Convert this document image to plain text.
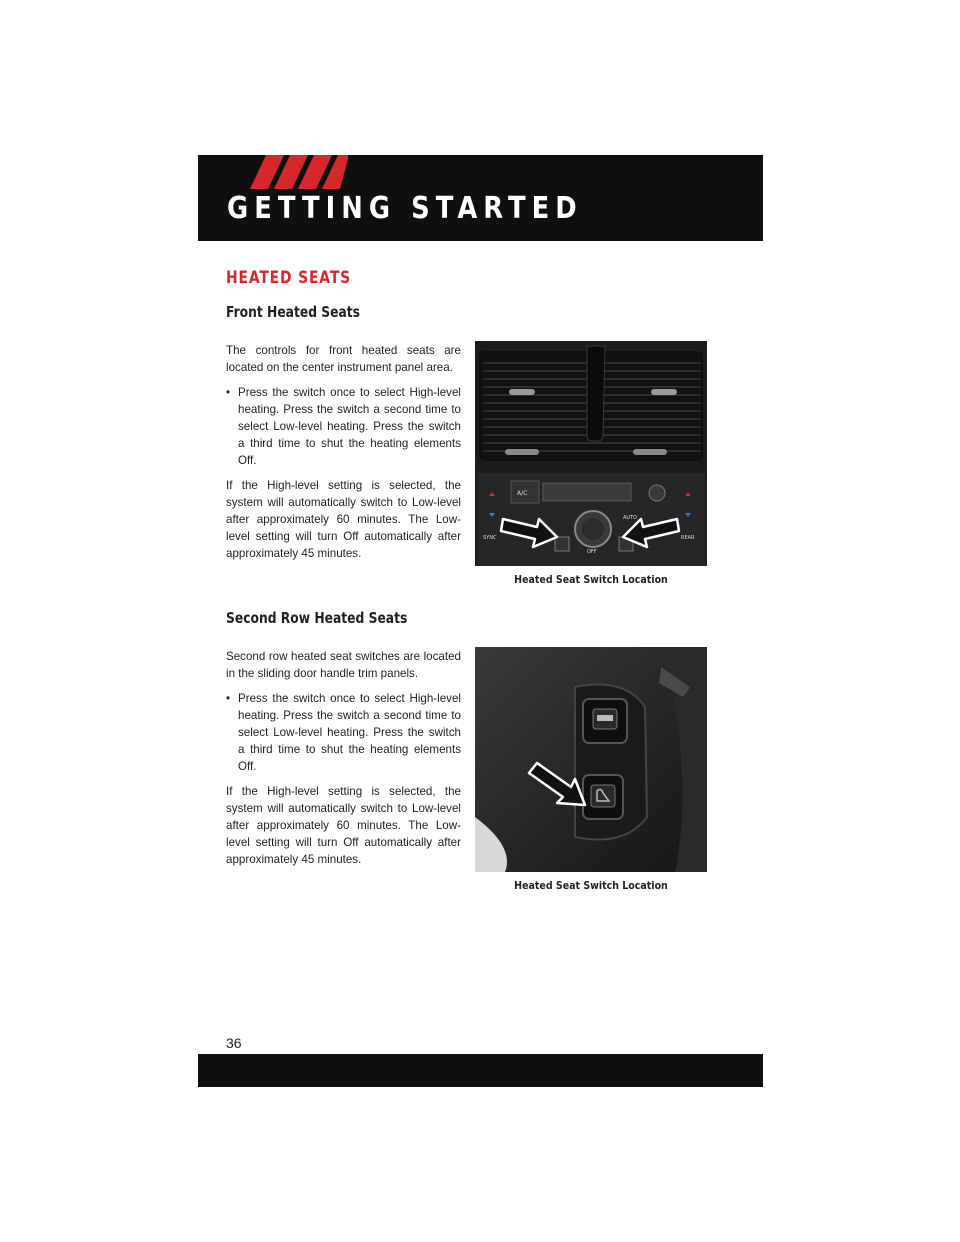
GETTING STARTED
HEATED SEATS
Front Heated Seats

The controls for front heated seats are located on the center instrument panel area.

• Press the switch once to select High-level heating. Press the switch a second time to select Low-level heating. Press the switch a third time to shut the heating elements Off.

If the High-level setting is selected, the system will automatically switch to Low-level after approximately 60 minutes. The Low-level setting will turn Off automatically after approximately 45 minutes.

A/C
OFF
SYNC
AUTO
REAR
Heated Seat Switch Location
Second Row Heated Seats

Second row heated seat switches are located in the sliding door handle trim panels.

• Press the switch once to select High-level heating. Press the switch a second time to select Low-level heating. Press the switch a third time to shut the heating elements Off.

If the High-level setting is selected, the system will automatically switch to Low-level after approximately 60 minutes. The Low-level setting will turn Off automatically after approximately 45 minutes.

Heated Seat Switch Location
36
